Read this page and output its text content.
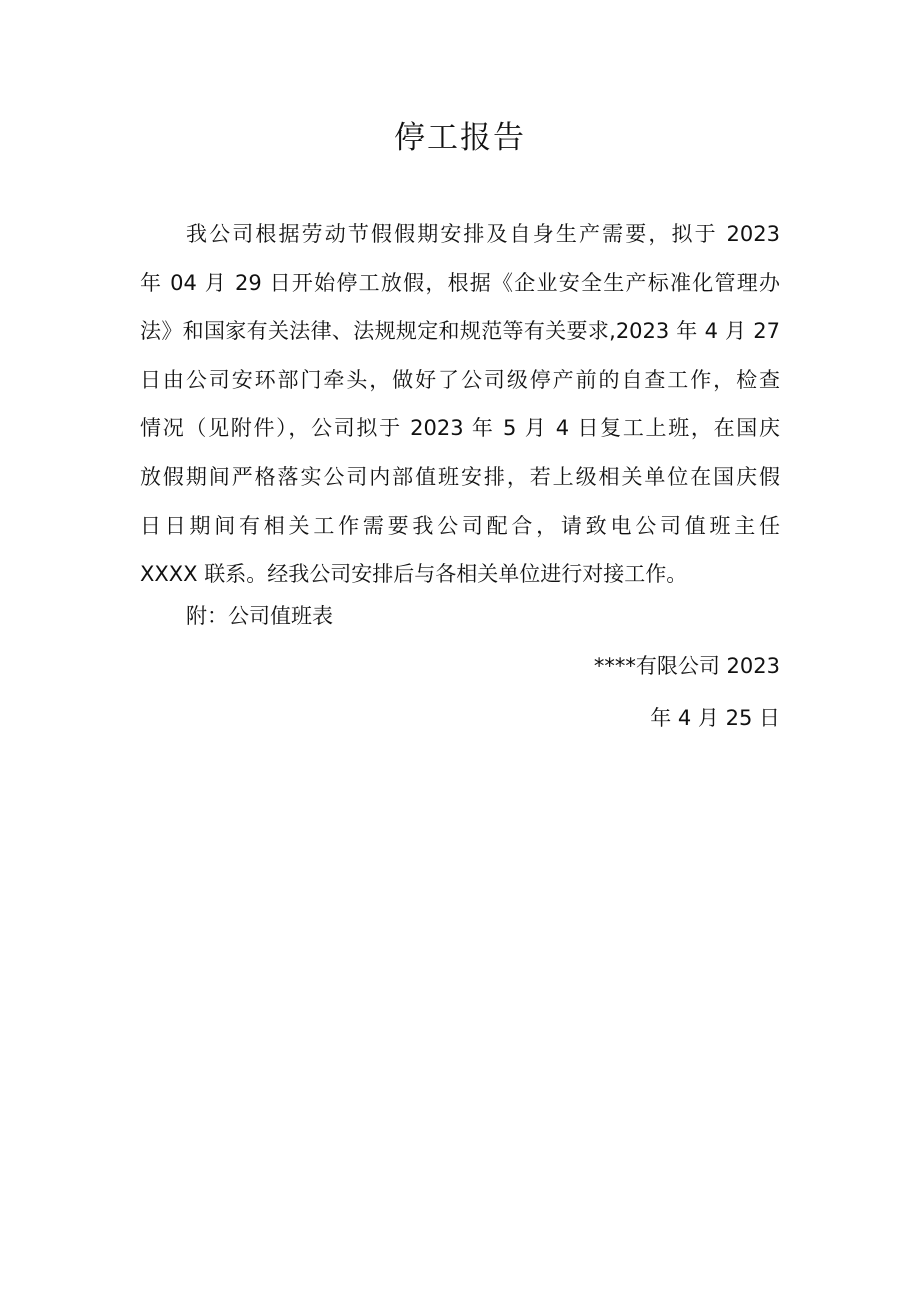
停工报告
我公司根据劳动节假假期安排及自身生产需要，拟于 2023
年 04 月 29 日开始停工放假，根据《企业安全生产标准化管理办
法》和国家有关法律、法规规定和规范等有关要求,2023 年 4 月 27
日由公司安环部门牵头，做好了公司级停产前的自查工作，检查
情况（见附件），公司拟于 2023 年 5 月 4 日复工上班，在国庆
放假期间严格落实公司内部值班安排，若上级相关单位在国庆假
日日期间有相关工作需要我公司配合，请致电公司值班主任
XXXX 联系。经我公司安排后与各相关单位进行对接工作。
附：公司值班表
****有限公司 2023
年 4 月 25 日
